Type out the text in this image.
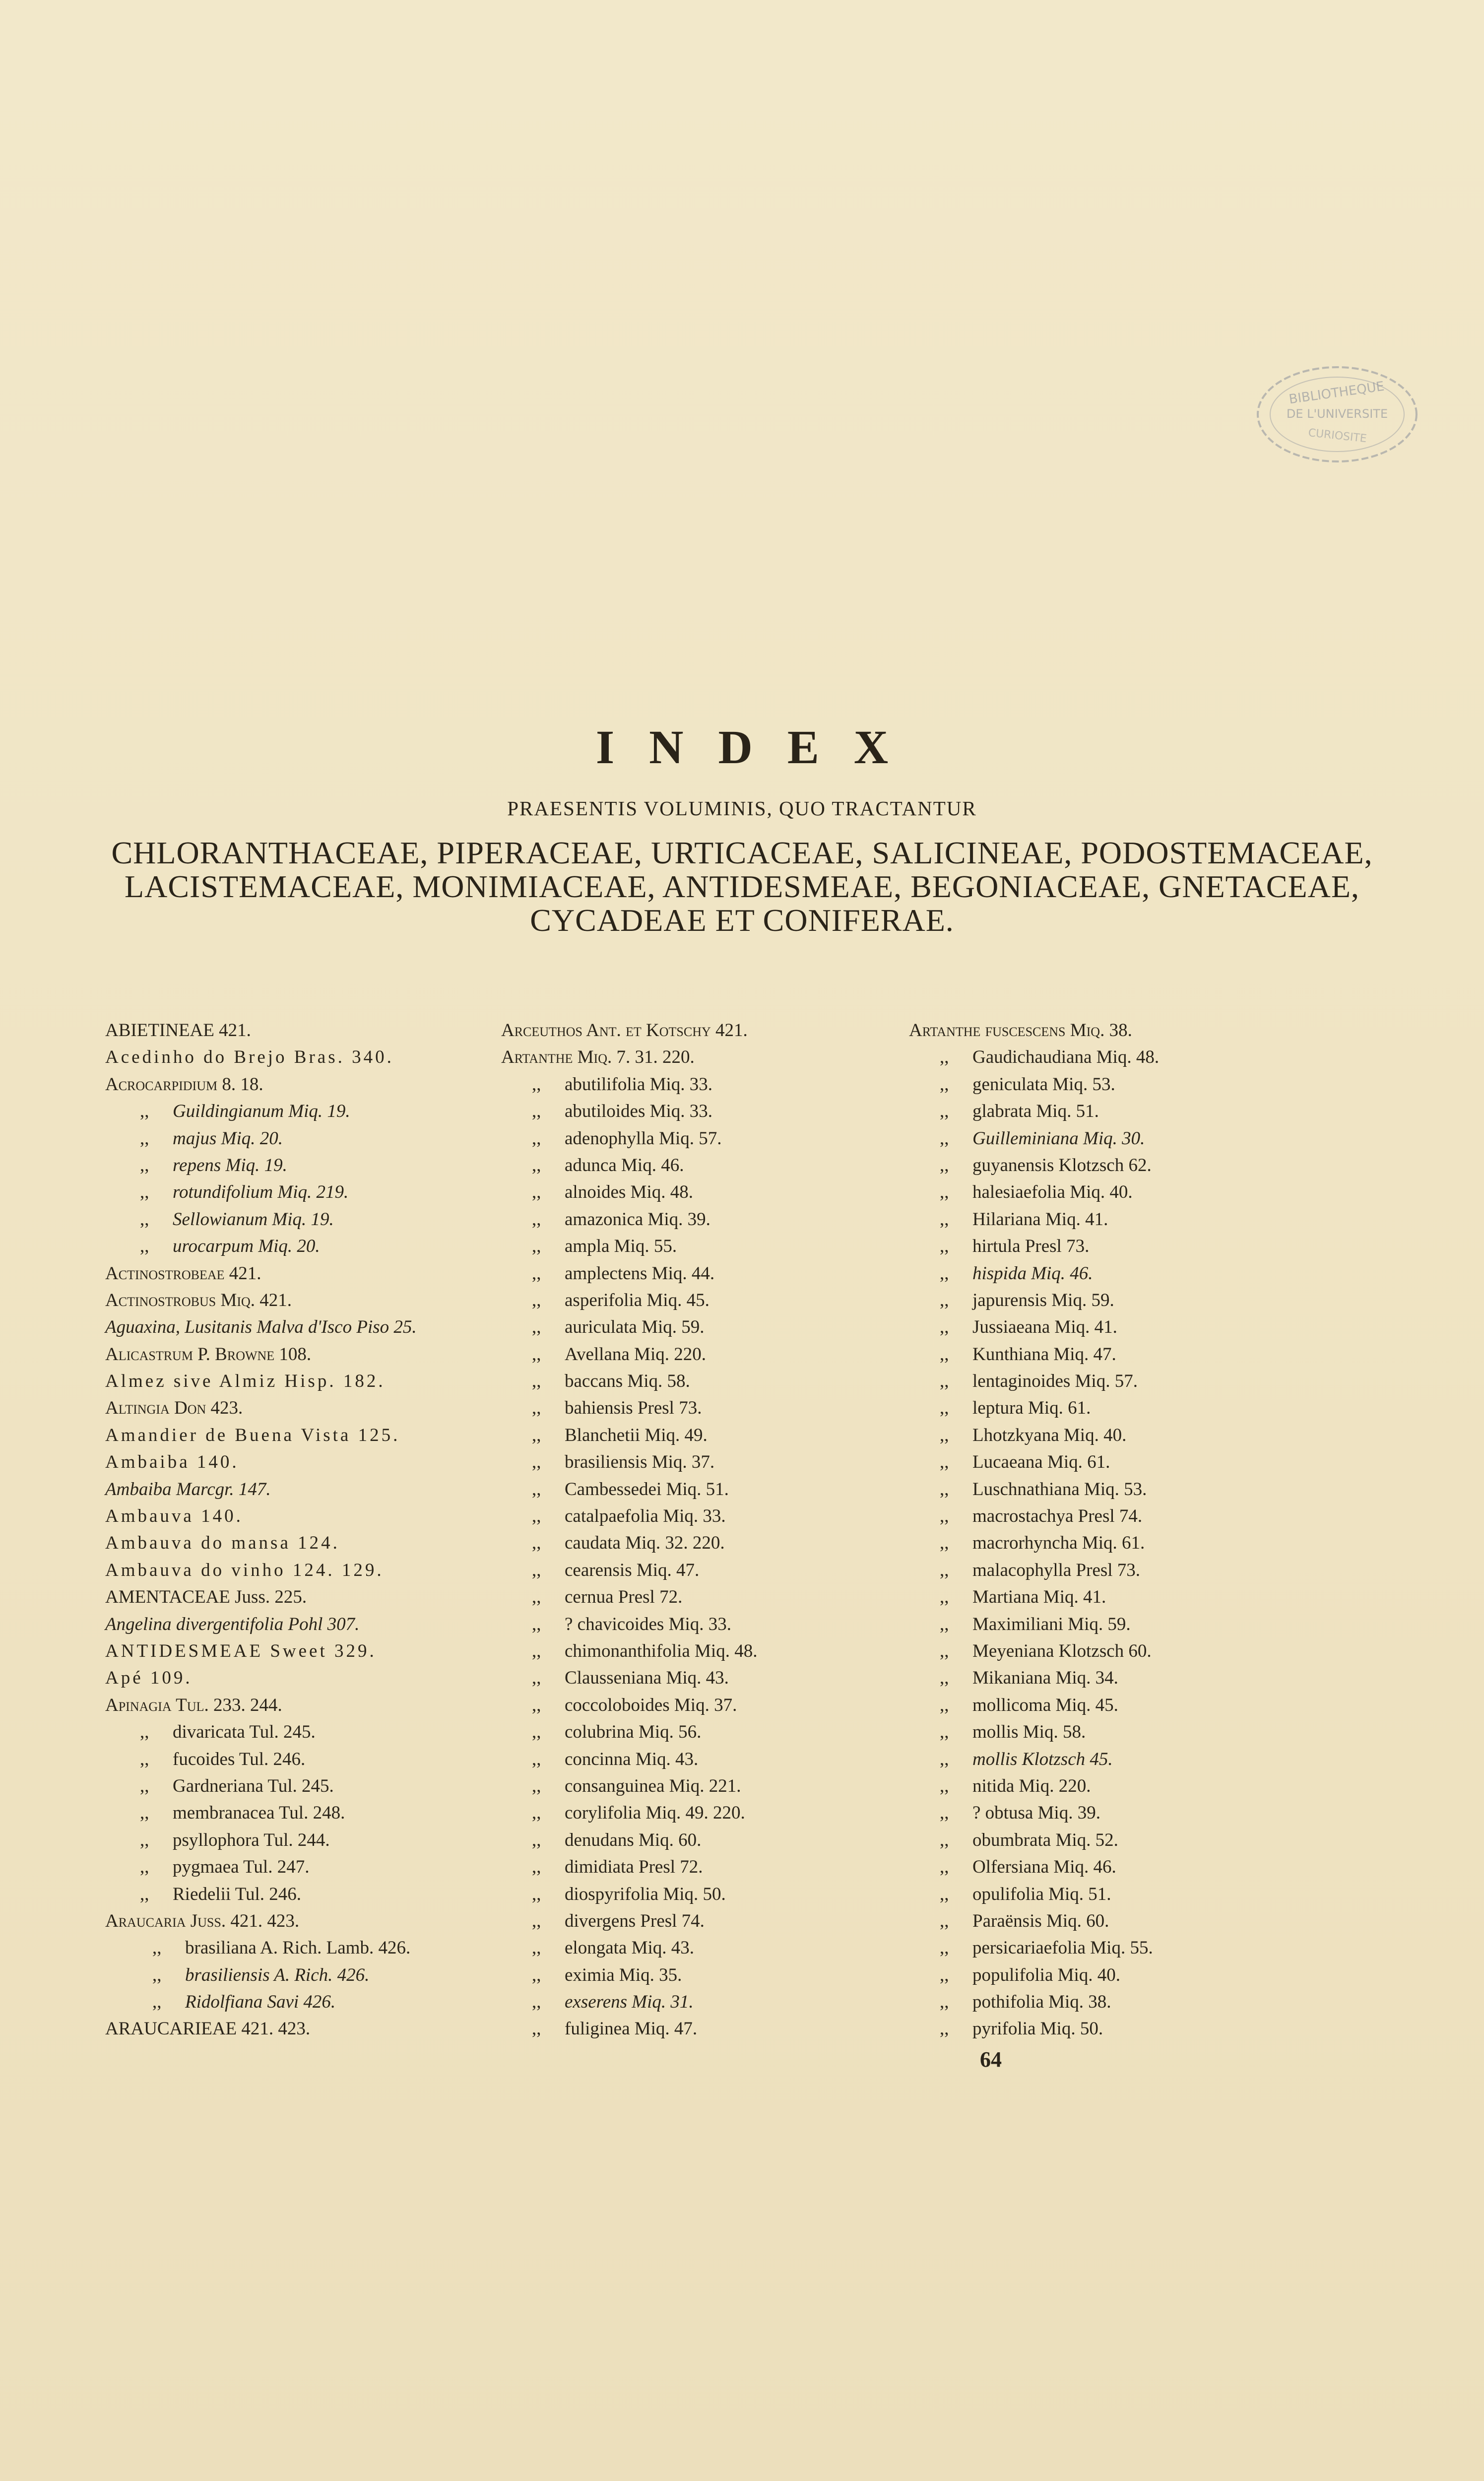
BIBLIOTHEQUE
DE L'UNIVERSITE
CURIOSITE
INDEX
PRAESENTIS VOLUMINIS, QUO TRACTANTUR
CHLORANTHACEAE, PIPERACEAE, URTICACEAE, SALICINEAE, PODOSTEMACEAE,
LACISTEMACEAE, MONIMIACEAE, ANTIDESMEAE, BEGONIACEAE, GNETACEAE,
CYCADEAE ET CONIFERAE.
ABIETINEAE 421.
Acedinho do Brejo Bras. 340.
Acrocarpidium 8. 18.
,, Guildingianum Miq. 19.
,, majus Miq. 20.
,, repens Miq. 19.
,, rotundifolium Miq. 219.
,, Sellowianum Miq. 19.
,, urocarpum Miq. 20.
Actinostrobeae 421.
Actinostrobus Miq. 421.
Aguaxina, Lusitanis Malva d'Isco Piso 25.
Alicastrum P. Browne 108.
Almez sive Almiz Hisp. 182.
Altingia Don 423.
Amandier de Buena Vista 125.
Ambaiba 140.
Ambaiba Marcgr. 147.
Ambauva 140.
Ambauva do mansa 124.
Ambauva do vinho 124. 129.
AMENTACEAE Juss. 225.
Angelina divergentifolia Pohl 307.
ANTIDESMEAE Sweet 329.
Apé 109.
Apinagia Tul. 233. 244.
,, divaricata Tul. 245.
,, fucoides Tul. 246.
,, Gardneriana Tul. 245.
,, membranacea Tul. 248.
,, psyllophora Tul. 244.
,, pygmaea Tul. 247.
,, Riedelii Tul. 246.
Araucaria Juss. 421. 423.
,, brasiliana A. Rich. Lamb. 426.
,, brasiliensis A. Rich. 426.
,, Ridolfiana Savi 426.
ARAUCARIEAE 421. 423.
Arceuthos Ant. et Kotschy 421.
Artanthe Miq. 7. 31. 220.
,, abutilifolia Miq. 33.
,, abutiloides Miq. 33.
,, adenophylla Miq. 57.
,, adunca Miq. 46.
,, alnoides Miq. 48.
,, amazonica Miq. 39.
,, ampla Miq. 55.
,, amplectens Miq. 44.
,, asperifolia Miq. 45.
,, auriculata Miq. 59.
,, Avellana Miq. 220.
,, baccans Miq. 58.
,, bahiensis Presl 73.
,, Blanchetii Miq. 49.
,, brasiliensis Miq. 37.
,, Cambessedei Miq. 51.
,, catalpaefolia Miq. 33.
,, caudata Miq. 32. 220.
,, cearensis Miq. 47.
,, cernua Presl 72.
,, ? chavicoides Miq. 33.
,, chimonanthifolia Miq. 48.
,, Claussenianа Miq. 43.
,, coccoloboides Miq. 37.
,, colubrina Miq. 56.
,, concinna Miq. 43.
,, consanguinea Miq. 221.
,, corylifolia Miq. 49. 220.
,, denudans Miq. 60.
,, dimidiata Presl 72.
,, diospyrifolia Miq. 50.
,, divergens Presl 74.
,, elongata Miq. 43.
,, eximia Miq. 35.
,, exserens Miq. 31.
,, fuliginea Miq. 47.
Artanthe fuscescens Miq. 38.
,, Gaudichaudiana Miq. 48.
,, geniculata Miq. 53.
,, glabrata Miq. 51.
,, Guilleminiana Miq. 30.
,, guyanensis Klotzsch 62.
,, halesiaefolia Miq. 40.
,, Hilariana Miq. 41.
,, hirtula Presl 73.
,, hispida Miq. 46.
,, japurensis Miq. 59.
,, Jussiaeana Miq. 41.
,, Kunthiana Miq. 47.
,, lentaginoides Miq. 57.
,, leptura Miq. 61.
,, Lhotzkyana Miq. 40.
,, Lucaeana Miq. 61.
,, Luschnathiana Miq. 53.
,, macrostachya Presl 74.
,, macrorhyncha Miq. 61.
,, malacophylla Presl 73.
,, Martiana Miq. 41.
,, Maximiliani Miq. 59.
,, Meyeniana Klotzsch 60.
,, Mikaniana Miq. 34.
,, mollicoma Miq. 45.
,, mollis Miq. 58.
,, mollis Klotzsch 45.
,, nitida Miq. 220.
,, ? obtusa Miq. 39.
,, obumbrata Miq. 52.
,, Olfersiana Miq. 46.
,, opulifolia Miq. 51.
,, Paraënsis Miq. 60.
,, persicariaefolia Miq. 55.
,, populifolia Miq. 40.
,, pothifolia Miq. 38.
,, pyrifolia Miq. 50.
64
